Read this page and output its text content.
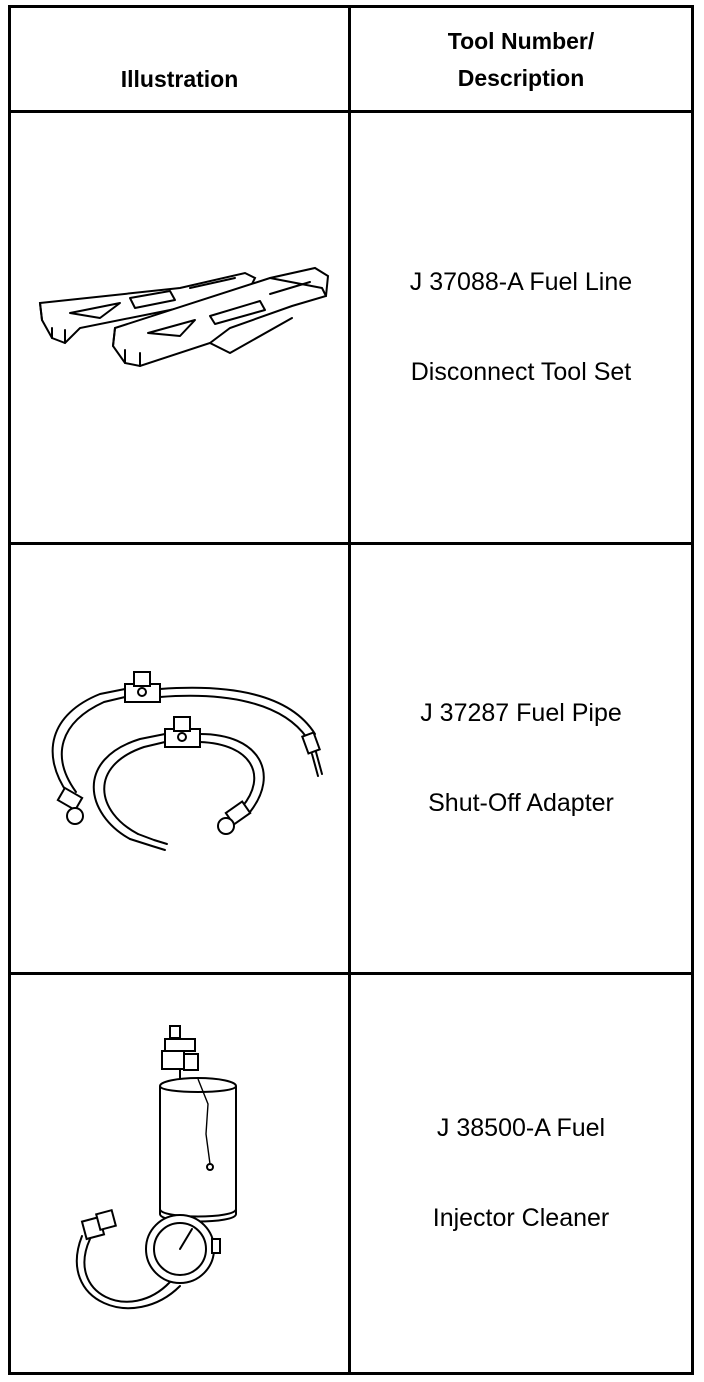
Illustration
Tool Number/
Description

J 37088-A Fuel Line

Disconnect Tool Set

J 37287 Fuel Pipe

Shut-Off Adapter

J 38500-A Fuel

Injector Cleaner
